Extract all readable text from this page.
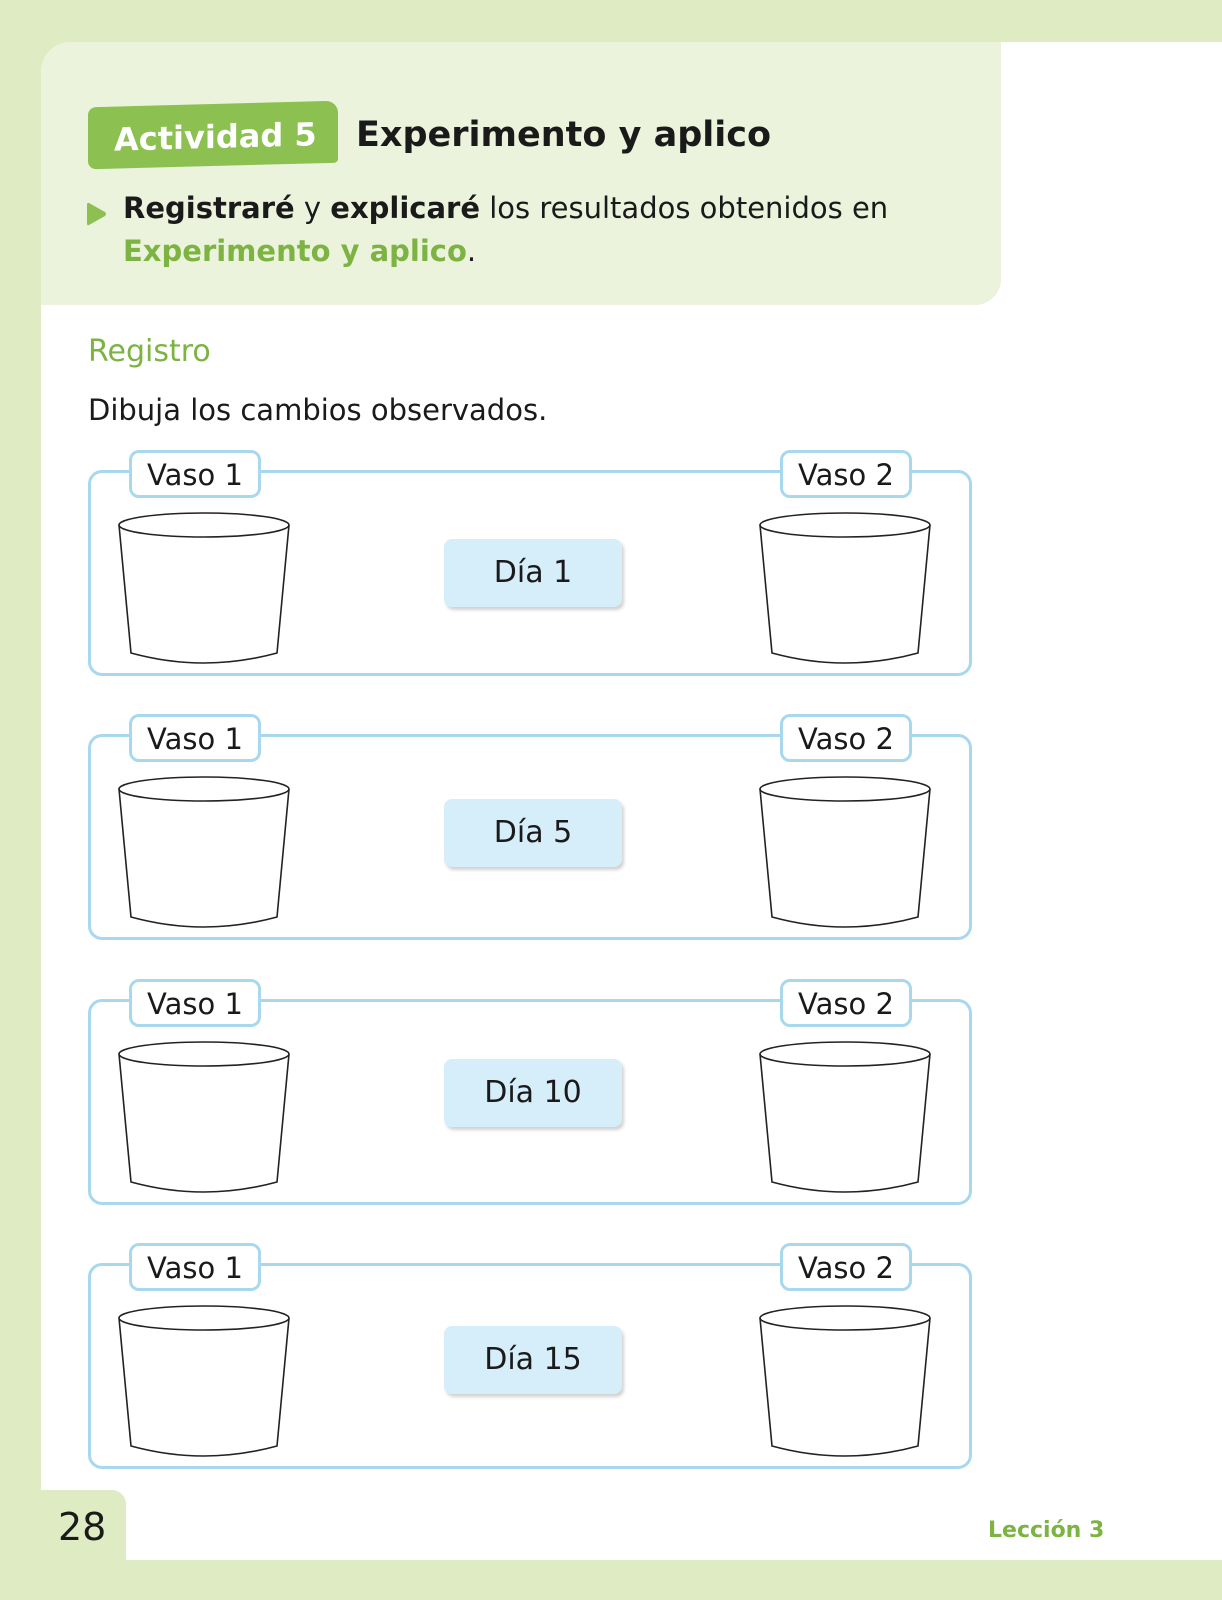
Actividad 5	Experimento y aplico
Registraré y explicaré los resultados obtenidos en Experimento y aplico.
Registro
Dibuja los cambios observados.
Vaso 1	Vaso 2
Día 1
Vaso 1	Vaso 2
Día 5
Vaso 1	Vaso 2
Día 10
Vaso 1	Vaso 2
Día 15
28	Lección 3
